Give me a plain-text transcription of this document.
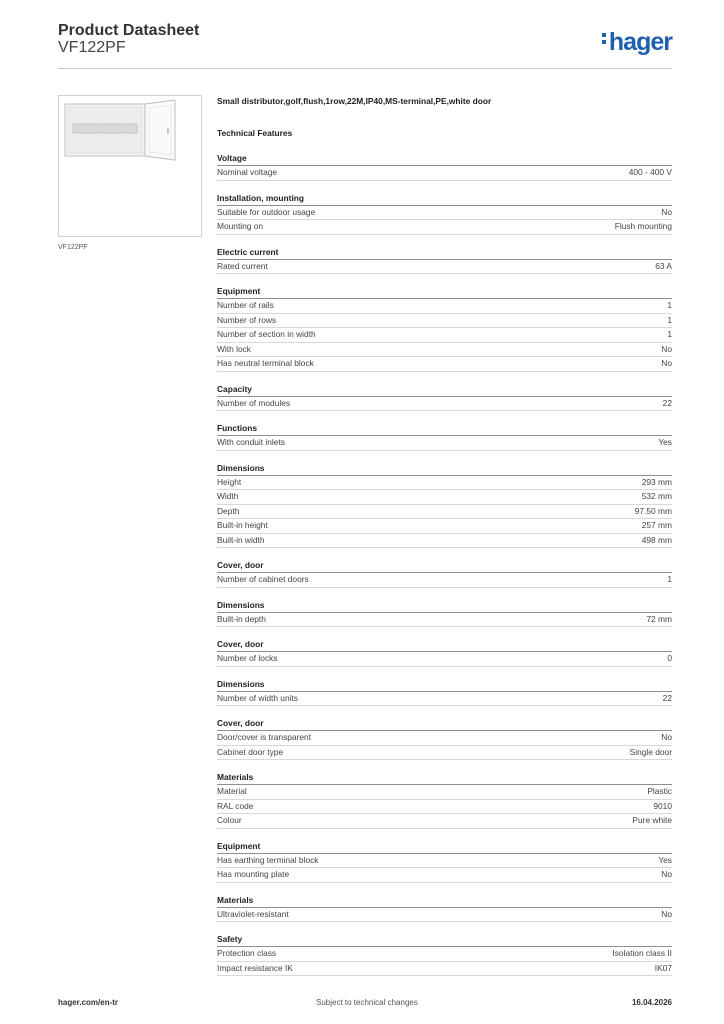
Product Datasheet
VF122PF	hager
VF122PF
Small distributor,golf,flush,1row,22M,IP40,MS-terminal,PE,white door
Technical Features
Voltage
Nominal voltage	400 - 400 V
Installation, mounting
Suitable for outdoor usage	No
Mounting on	Flush mounting
Electric current
Rated current	63 A
Equipment
Number of rails	1
Number of rows	1
Number of section in width	1
With lock	No
Has neutral terminal block	No
Capacity
Number of modules	22
Functions
With conduit inlets	Yes
Dimensions
Height	293 mm
Width	532 mm
Depth	97.50 mm
Built-in height	257 mm
Built-in width	498 mm
Cover, door
Number of cabinet doors	1
Dimensions
Built-in depth	72 mm
Cover, door
Number of locks	0
Dimensions
Number of width units	22
Cover, door
Door/cover is transparent	No
Cabinet door type	Single door
Materials
Material	Plastic
RAL code	9010
Colour	Pure white
Equipment
Has earthing terminal block	Yes
Has mounting plate	No
Materials
Ultraviolet-resistant	No
Safety
Protection class	Isolation class II
Impact resistance IK	IK07
hager.com/en-tr	Subject to technical changes	16.04.2026
